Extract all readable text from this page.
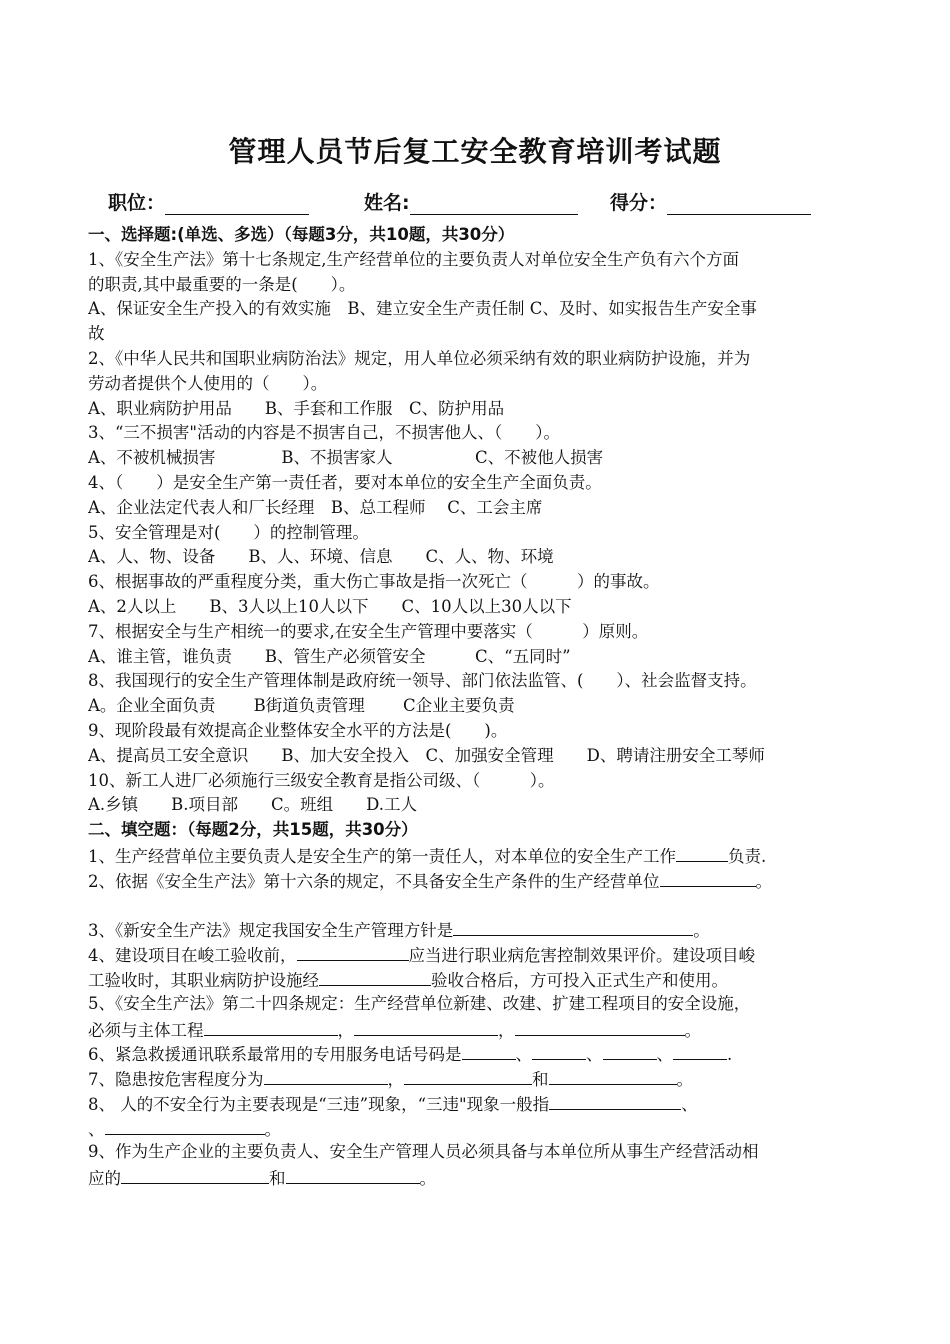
管理人员节后复工安全教育培训考试题
职位：	姓名:	得分：
一、选择题:(单选、多选）（每题3分，共10题，共30分）
1、《安全生产法》第十七条规定,生产经营单位的主要负责人对单位安全生产负有六个方面
的职责,其中最重要的一条是(　　）。
A、保证安全生产投入的有效实施　B、建立安全生产责任制 C、及时、如实报告生产安全事
故
2、《中华人民共和国职业病防治法》规定，用人单位必须采纳有效的职业病防护设施，并为
劳动者提供个人使用的（　　）。
A、职业病防护用品　　B、手套和工作服　C、防护用品
3、“三不损害"活动的内容是不损害自己，不损害他人、（　　）。
A、不被机械损害　　　　B、不损害家人　　　　　C、不被他人损害
4、（　　）是安全生产第一责任者，要对本单位的安全生产全面负责。
A、企业法定代表人和厂长经理　B、总工程师　 C、工会主席
5、安全管理是对(　　）的控制管理。
A、人、物、设备　　B、人、环境、信息　　C、人、物、环境
6、根据事故的严重程度分类，重大伤亡事故是指一次死亡（　　　）的事故。
A、2人以上　　B、3人以上10人以下　　C、10人以上30人以下
7、根据安全与生产相统一的要求,在安全生产管理中要落实（　　　）原则。
A、谁主管，谁负责　　B、管生产必须管安全　　　C、“五同时”
8、我国现行的安全生产管理体制是政府统一领导、部门依法监管、(　　）、社会监督支持。
A。企业全面负责　　 B街道负责管理　　 C企业主要负责
9、现阶段最有效提高企业整体安全水平的方法是(　　)。
A、提高员工安全意识　　B、加大安全投入　C、加强安全管理　　D、聘请注册安全工琴师
10、新工人进厂必须施行三级安全教育是指公司级、（　　　）。
A.乡镇　　B.项目部　　C。班组　　D.工人
二、填空题：（每题2分，共15题，共30分）
1、生产经营单位主要负责人是安全生产的第一责任人，对本单位的安全生产工作	负责.
2、依据《安全生产法》第十六条的规定，不具备安全生产条件的生产经营单位	。
3、《新安全生产法》规定我国安全生产管理方针是	。
4、建设项目在峻工验收前，	应当进行职业病危害控制效果评价。建设项目峻
工验收时，其职业病防护设施经	验收合格后，方可投入正式生产和使用。
5、《安全生产法》第二十四条规定：生产经营单位新建、改建、扩建工程项目的安全设施，
必须与主体工程	，	，	。
6、紧急救援通讯联系最常用的专用服务电话号码是	、	、	、	.
7、隐患按危害程度分为	，	和	。
8、 人的不安全行为主要表现是“三违”现象，“三违"现象一般指	、
、	。
9、作为生产企业的主要负责人、安全生产管理人员必须具备与本单位所从事生产经营活动相
应的	和	。
